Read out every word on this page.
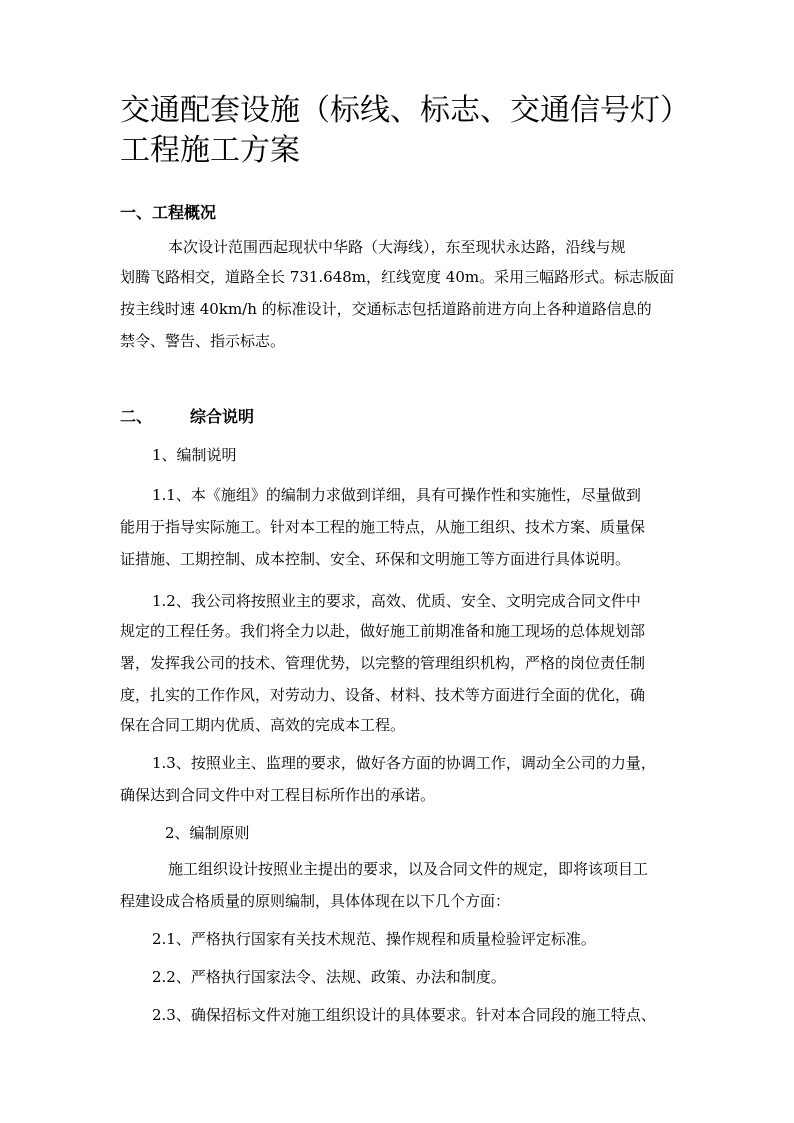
交通配套设施（标线、标志、交通信号灯）
工程施工方案
一、工程概况
本次设计范围西起现状中华路（大海线），东至现状永达路，沿线与规
划腾飞路相交，道路全长 731.648m，红线宽度 40m。采用三幅路形式。标志版面
按主线时速 40km/h 的标准设计，交通标志包括道路前进方向上各种道路信息的
禁令、警告、指示标志。
二、 综合说明
1、编制说明
1.1、本《施组》的编制力求做到详细，具有可操作性和实施性，尽量做到
能用于指导实际施工。针对本工程的施工特点，从施工组织、技术方案、质量保
证措施、工期控制、成本控制、安全、环保和文明施工等方面进行具体说明。
1.2、我公司将按照业主的要求，高效、优质、安全、文明完成合同文件中
规定的工程任务。我们将全力以赴，做好施工前期准备和施工现场的总体规划部
署，发挥我公司的技术、管理优势，以完整的管理组织机构，严格的岗位责任制
度，扎实的工作作风，对劳动力、设备、材料、技术等方面进行全面的优化，确
保在合同工期内优质、高效的完成本工程。
1.3、按照业主、监理的要求，做好各方面的协调工作，调动全公司的力量，
确保达到合同文件中对工程目标所作出的承诺。
2、编制原则
施工组织设计按照业主提出的要求，以及合同文件的规定，即将该项目工
程建设成合格质量的原则编制，具体体现在以下几个方面：
2.1、严格执行国家有关技术规范、操作规程和质量检验评定标准。
2.2、严格执行国家法令、法规、政策、办法和制度。
2.3、确保招标文件对施工组织设计的具体要求。针对本合同段的施工特点、
